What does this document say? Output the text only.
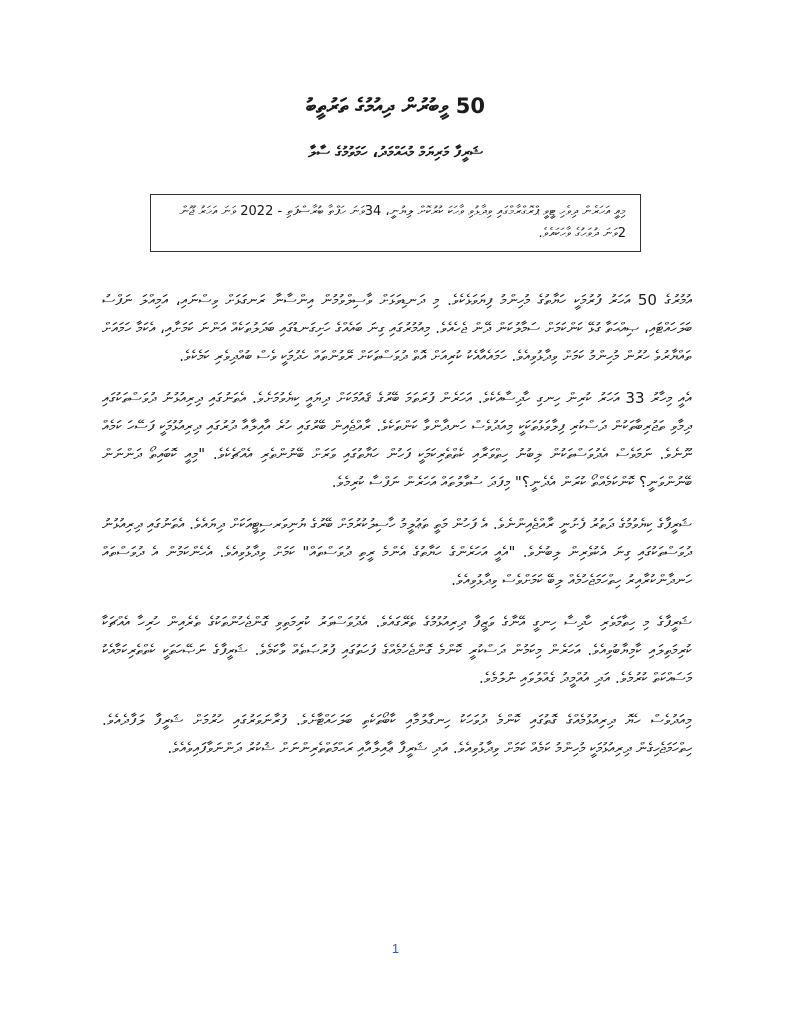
50 ވީބުރުން ދިއުމުގެ ތަރުތީބު
ޝަރީފާ މަރިޔަމް މުޙައްމަދު، ހަމަވުމުގެ ސާލާ
މިއީ އަހަރެން ދިވެހި ޓީވީ ޕްރޮގްރާމްގައި ވިދާޅުވި ވާހަކަ ކުރުކޮށް ލިޔުނީ، 34ވަނަ ހަފްތާ ބުރާސްފަތި - 2022 ވަނަ އަހަރު ޖޫން 2ވަނަ ދުވަހުގެ ވާހަކައެވެ.

އުމުރުގެ 50 އަހަރު ފުރުމަކީ ހަޔާތުގެ މުހިންމު ފިޔަވަޅެކެވެ. މި ދަނޑިވަޅަށް ވާސިލްވުމުން އިންސާނާ ރަނގަޅަށް ވިސްނައި، އަމިއްލަ ނަފްސު ބަލަހައްޓައި، ޞިއްޙަތާ ގުޅޭ ކަންކަމަށް ސަމާލުކަން ދޭން ޖެހެއެވެ. މިއުމުރުގައި ގިނަ ބައެއްގެ ހަށިގަނޑުގައި ބަދަލުތަކެއް އަންނަ ކަމަށާއި، އެކަމާ ހަމައަށް ތައްޔާރުވެ ހުރުން މުހިންމު ކަމަށް ވިދާޅުވިއެވެ. ހަމައެއާއެކު ކުރިއަށް އޮތް ދުވަސްތަކަށް ރޭވުންތައް ހެދުމަކީ ވެސް ބުއްދިވެރި ކަމެކެވެ.

އެއީ މިހާރު 33 އަހަރު ކުރިން ހިނގި ހާދިސާއެކެވެ. އަހަރެން ފުރަތަމަ ބޭރުގެ ޤައުމަކަށް ދިޔައީ ކިޔެވުމަށެވެ. އެތަނުގައި ދިރިއުޅުނު ދުވަސްތަކުގައި ދިމާވި ތަޖުރިބާތަކުން ދަސްކުރި ފިލާވަޅުތަކަކީ މިއަދުވެސް ހަނދާންވާ ކަންތަކެވެ. ރާއްޖެއިން ބޭރުގައި ހުރެ އާއިލާއާ ދުރުގައި ދިރިއުޅުމަކީ ފަސޭހަ ކަމެއް ނޫނެވެ. ނަމަވެސް އެދުވަސްތަކުން ލިބުނު ހިތްވަރާއި ކެތްތެރިކަމަކީ ފަހުން ހަޔާތުގައި ވަރަށް ބޭނުންތެރި އެއްޗެކެވެ. "މިއީ ކޮބައިތޯ ދަންނަން ބޭނުންވަނީ؟ ކޮންކަމެއްތޯ ކުރަން އެދެނީ؟" މިފަދަ ސުވާލުތައް އަހަރެން ނަފްސާ ކުރިމެވެ.

ޝަރީފާގެ ކިޔެވުމުގެ ދަތުރު ފެށުނީ ރާއްޖެއިންނެވެ. އެ ފަހުން މަތީ ތަޢުލީމު ހާސިލުކުރުމަށް ބޭރުގެ ޔުނިވަރސިޓީއަކަށް ދިޔައެވެ. އެތަނުގައި ދިރިއުޅުނު ދުވަސްތަކުގައި ގިނަ އެކުވެރިން ލިބުނެވެ. "އެއީ އަހަރެންގެ ހަޔާތުގެ އެންމެ ރީތި ދުވަސްތައް" ކަމަށް ވިދާޅުވިއެވެ. އެހެންކަމުން އެ ދުވަސްތައް ހަނދާންކުރާއިރު ހިތްހަމަޖެހުމެއް ލިބޭ ކަމަށްވެސް ވިދާޅުވިއެވެ.

ޝަރީފާގެ މި ހިތާމަވެރި ހާދިސާ ހިނގީ އޭނާގެ ވަޒީފާ ދިރިއުޅުމުގެ ތެރޭގައެވެ. އެދުވަސްވަރު ކުރިމަތިވި ގޮންޖެހުންތަކުގެ ތެރެއިން ހުރިހާ އެއްޗަކާ ކުރިމަތިލައި ކާމިޔާބުވިއެވެ. އަހަރެން މިކަމުން ދަސްކުރީ ކޮންމެ ގޮންޖެހުމެއްގެ ފަހަތުގައި ފުރުޞަތެއް ވާކަމެވެ. ޝަރީފާގެ ނަޞޭހަތަކީ ކެތްތެރިކަމާއެކު މަސައްކަތް ކުރުމެވެ. އަދި އުއްމީދު ގެއްލުވައި ނުލުމެވެ.

މިއަދުވެސް ހެޔޮ ދިރިއުޅުމެއްގެ ގޮތުގައި ކޮންމެ ދުވަހަކު ހިނގާލުމާއި ކާބޯތަކެތި ބަލަހައްޓާށެވެ. ފުރާނަވަރުގައި ހުރުމަށް ޝަރީފާ ލަފާދެއެވެ. ހިތްހަމަޖެހިގެން ދިރިއުޅުމަކީ މުހިންމު ކަމެއް ކަމަށް ވިދާޅުވިއެވެ. އަދި ޝަރީފާ ޢާއިލާއާއި ރަޙްމަތްތެރިންނަށް ޝުކުރު ދަންނަވާފައިވެއެވެ.

1
